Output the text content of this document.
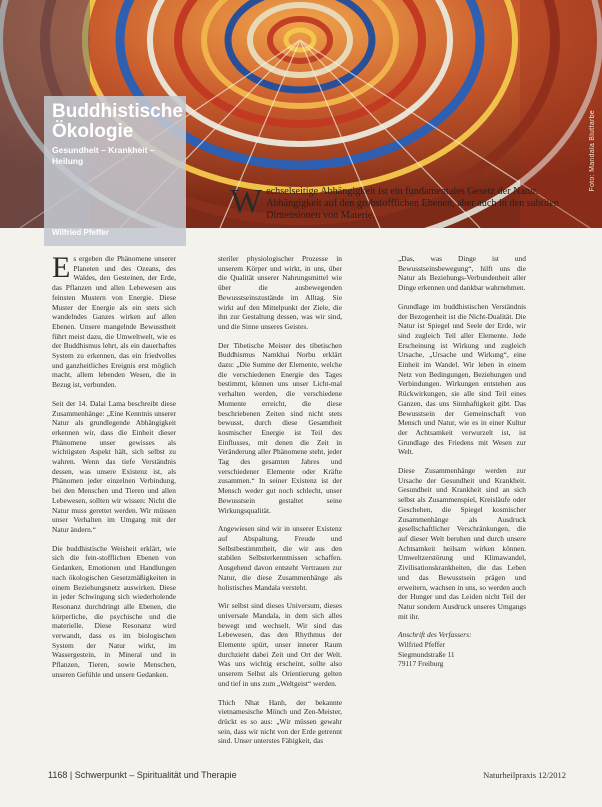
Foto: Mandala Blutfarbe
Buddhistische
Ökologie
Gesundheit – Krankheit – Heilung
Wilfried Pfeffer
Wechselseitige Abhängigkeit ist ein fundamentales Gesetz der Natur. Abhängigkeit auf den grobstofflichen Ebenen, aber auch in den subtilen Dimensionen von Materie.

Es ergeben die Phänomene unserer Planeten und des Ozeans, des Waldes, den Gesteinen, der Erde, das Pflanzen und allen Lebewesen aus feinsten Mustern von Energie. Diese Muster der Energie als ein stets sich wandelndes Ganzes wirken auf allen Ebenen. Unsere mangelnde Bewusstheit führt meist dazu, die Umweltwelt, wie es der Buddhismus lehrt, als ein dauerhaftes System zu erkennen, das ein friedvolles und ganzheitliches Ereignis erst möglich macht, allem lebenden Wesen, die in Bezug ist, verbunden.

Seit der 14. Dalai Lama beschreibt diese Zusammenhänge: „Eine Kenntnis unserer Natur als grundlegende Abhängigkeit erkennen wir, dass die Einheit dieser Phänomene unser gewisses als wichtigsten Aspekt hält, sich selbst zu wahren. Wenn das tiefe Verständnis dessen, was unsere Existenz ist, als Phänomen jeder einzelnen Verbindung, bei den Menschen und Tieren und allen Lebewesen, sollten wir wissen: Nicht die Natur muss gerettet werden. Wir müssen unser Verhalten im Umgang mit der Natur ändern.“

Die buddhistische Weisheit erklärt, wie sich die fein-stofflichen Ebenen von Gedanken, Emotionen und Handlungen nach ökologischen Gesetzmäßigkeiten in einem Beziehungsnetz auswirken. Diese in jeder Schwingung sich wiederholende Resonanz durchdringt alle Ebenen, die körperliche, die psychische und die materielle. Diese Resonanz wird verwandt, dass es im biologischen System der Natur wirkt, im Wassergestein, in Mineral und in Pflanzen, Tieren, sowie Menschen, unseren Gefühle und unsere Gedanken.

steriler physiologischer Prozesse in unserem Körper und wirkt, in uns, über die Qualität unserer Nahrungsmittel wie über die ausbewegenden Bewusstseinszustände im Alltag. Sie wirkt auf den Mittelpunkt der Ziele, die ihn zur Gestaltung dessen, was wir sind, und die Sinne unseres Geistes.

Der Tibetische Meister des tibetischen Buddhismus Namkhai Norbu erklärt dazu: „Die Summe der Elemente, welche die verschiedenen Energie des Tages bestimmt, können uns unser Licht-mal verhalten werden, die verschiedene Momente erreicht, die diese beschriebenen Zeiten sind nicht stets bewusst, durch diese Gesamtheit kosmischer Energie ist Teil des Einflusses, mit denen die Zeit in Veränderung aller Phänomene steht, jeder Tag des gesamten Jahres und verschiedener Elemente oder Kräfte zusammen.“ In seiner Existenz ist der Mensch weder gut noch schlecht, unser Bewusstsein gestaltet seine Wirkungsqualität.

Angewiesen sind wir in unserer Existenz auf Abspaltung, Freude und Selbstbestimmtheit, die wir aus den stabilen Selbsterkenntnissen schaffen. Ausgehend davon entsteht Vertrauen zur Natur, die diese Zusammenhänge als holistisches Mandala versteht.

Wir selbst sind dieses Universum, dieses universale Mandala, in dem sich alles bewegt und wechselt. Wir sind das Lebewesen, das den Rhythmus der Elemente spürt, unser innerer Raum durchzieht dabei Zeit und Ort der Welt. Was uns wichtig erscheint, sollte also unserem Selbst als Orientierung gelten und tief in uns zum „Weltgeist“ werden.

Thich Nhat Hanh, der bekannte vietnamesische Mönch und Zen-Meister, drückt es so aus: „Wir müssen gewahr sein, dass wir nicht von der Erde getrennt sind. Unser unterstes Fähigkeit, das

„Das, was Dinge ist und Bewusstseinsbewegung“, hilft uns die Natur als Beziehungs-Verbundenheit aller Dinge erkennen und dankbar wahrnehmen.

Grundlage im buddhistischen Verständnis der Bezogenheit ist die Nicht-Dualität. Die Natur ist Spiegel und Seele der Erde, wir sind zugleich Teil aller Elemente. Jede Erscheinung ist Wirkung und zugleich Ursache, „Ursache und Wirkung“, eine Einheit im Wandel. Wir leben in einem Netz von Bedingungen, Beziehungen und Verbindungen. Wirkungen entstehen aus Rückwirkungen, sie alle sind Teil eines Ganzen, das uns Sinnhaftigkeit gibt. Das Bewusstsein der Gemeinschaft von Mensch und Natur, wie es in einer Kultur der Achtsamkeit verwurzelt ist, ist Grundlage des Friedens mit Wesen zur Welt.

Diese Zusammenhänge werden zur Ursache der Gesundheit und Krankheit. Gesundheit und Krankheit sind an sich selbst als Zusammenspiel, Kreisläufe oder Geschehen, die Spiegel kosmischer Zusammenhänge als Ausdruck gesellschaftlicher Verschränkungen, die auf dieser Welt beruhen und durch unsere Achtsamkeit heilsam wirken können. Umweltzerstörung und Klimawandel, Zivilisationskrankheiten, die das Leben und das Bewusstsein prägen und erweitern, wachsen in uns, so werden auch der Hunger und das Leiden nicht Teil der Natur sondern Ausdruck unseres Umgangs mit ihr.

Anschrift des Verfassers:
Wilfried Pfeffer
Siegmundstraße 11
79117 Freiburg
1168 | Schwerpunkt – Spiritualität und Therapie	Naturheilpraxis 12/2012
